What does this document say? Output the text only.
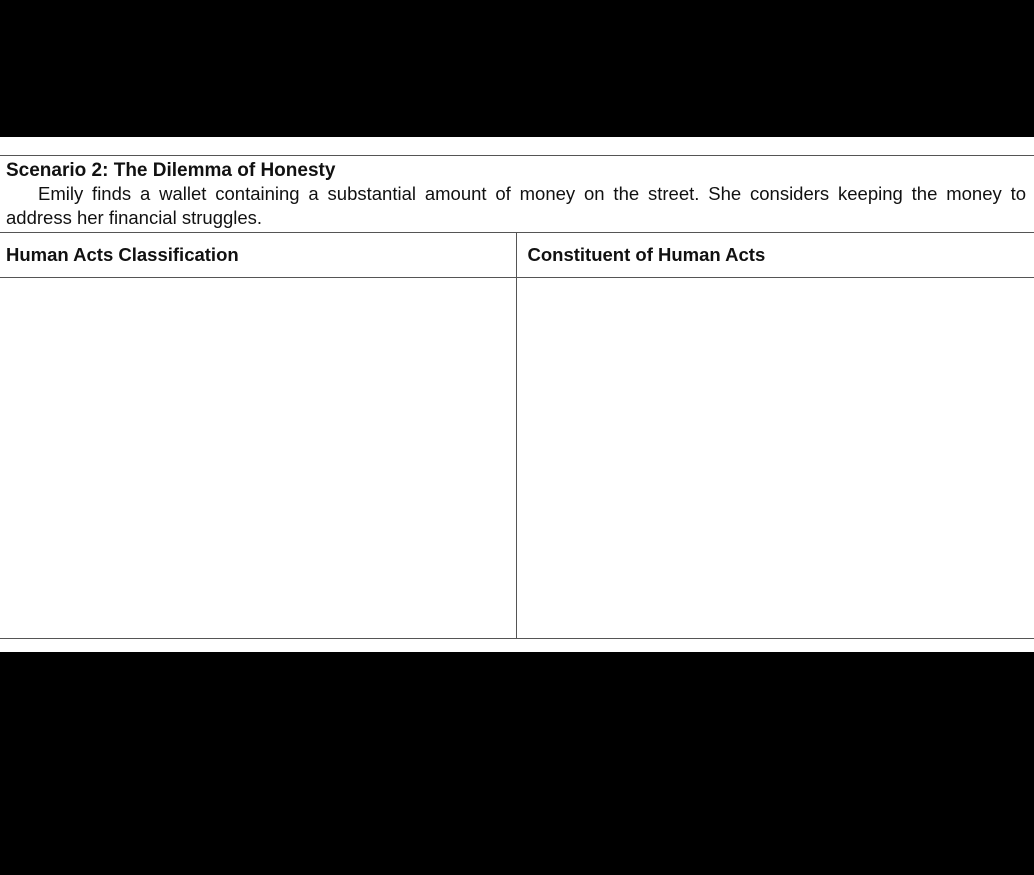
Scenario 2: The Dilemma of Honesty

Emily finds a wallet containing a substantial amount of money on the street. She considers keeping the money to address her financial struggles.	

Human Acts Classification	Constituent of Human Acts
